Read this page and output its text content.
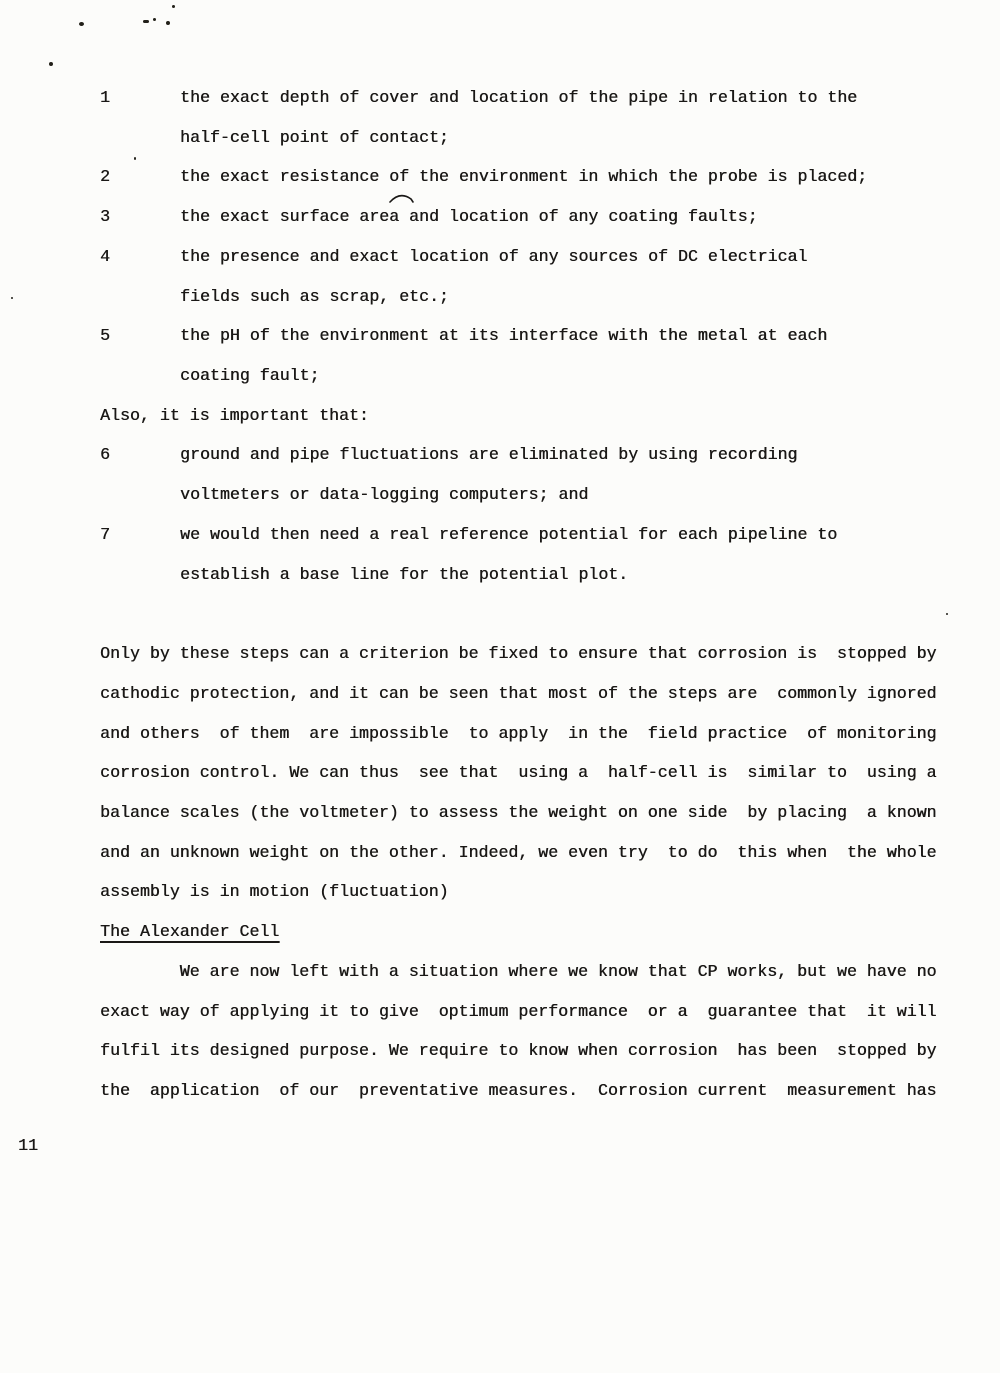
1	the exact depth of cover and location of the pipe in relation to the
half-cell point of contact;
2	the exact resistance of the environment in which the probe is placed;
3	the exact surface area and location of any coating faults;
4	the presence and exact location of any sources of DC electrical
fields such as scrap, etc.;
5	the pH of the environment at its interface with the metal at each
coating fault;
Also, it is important that:
6	ground and pipe fluctuations are eliminated by using recording
voltmeters or data-logging computers; and
7	we would then need a real reference potential for each pipeline to
establish a base line for the potential plot.
Only by these steps can a criterion be fixed to ensure that corrosion is  stopped by
cathodic protection, and it can be seen that most of the steps are  commonly ignored
and others  of them  are impossible  to apply  in the  field practice  of monitoring
corrosion control. We can thus  see that  using a  half-cell is  similar to  using a
balance scales (the voltmeter) to assess the weight on one side  by placing  a known
and an unknown weight on the other. Indeed, we even try  to do  this when  the whole
assembly is in motion (fluctuation)
The Alexander Cell
We are now left with a situation where we know that CP works, but we have no
exact way of applying it to give  optimum performance  or a  guarantee that  it will
fulfil its designed purpose. We require to know when corrosion  has been  stopped by
the  application  of our  preventative measures.  Corrosion current  measurement has
11
